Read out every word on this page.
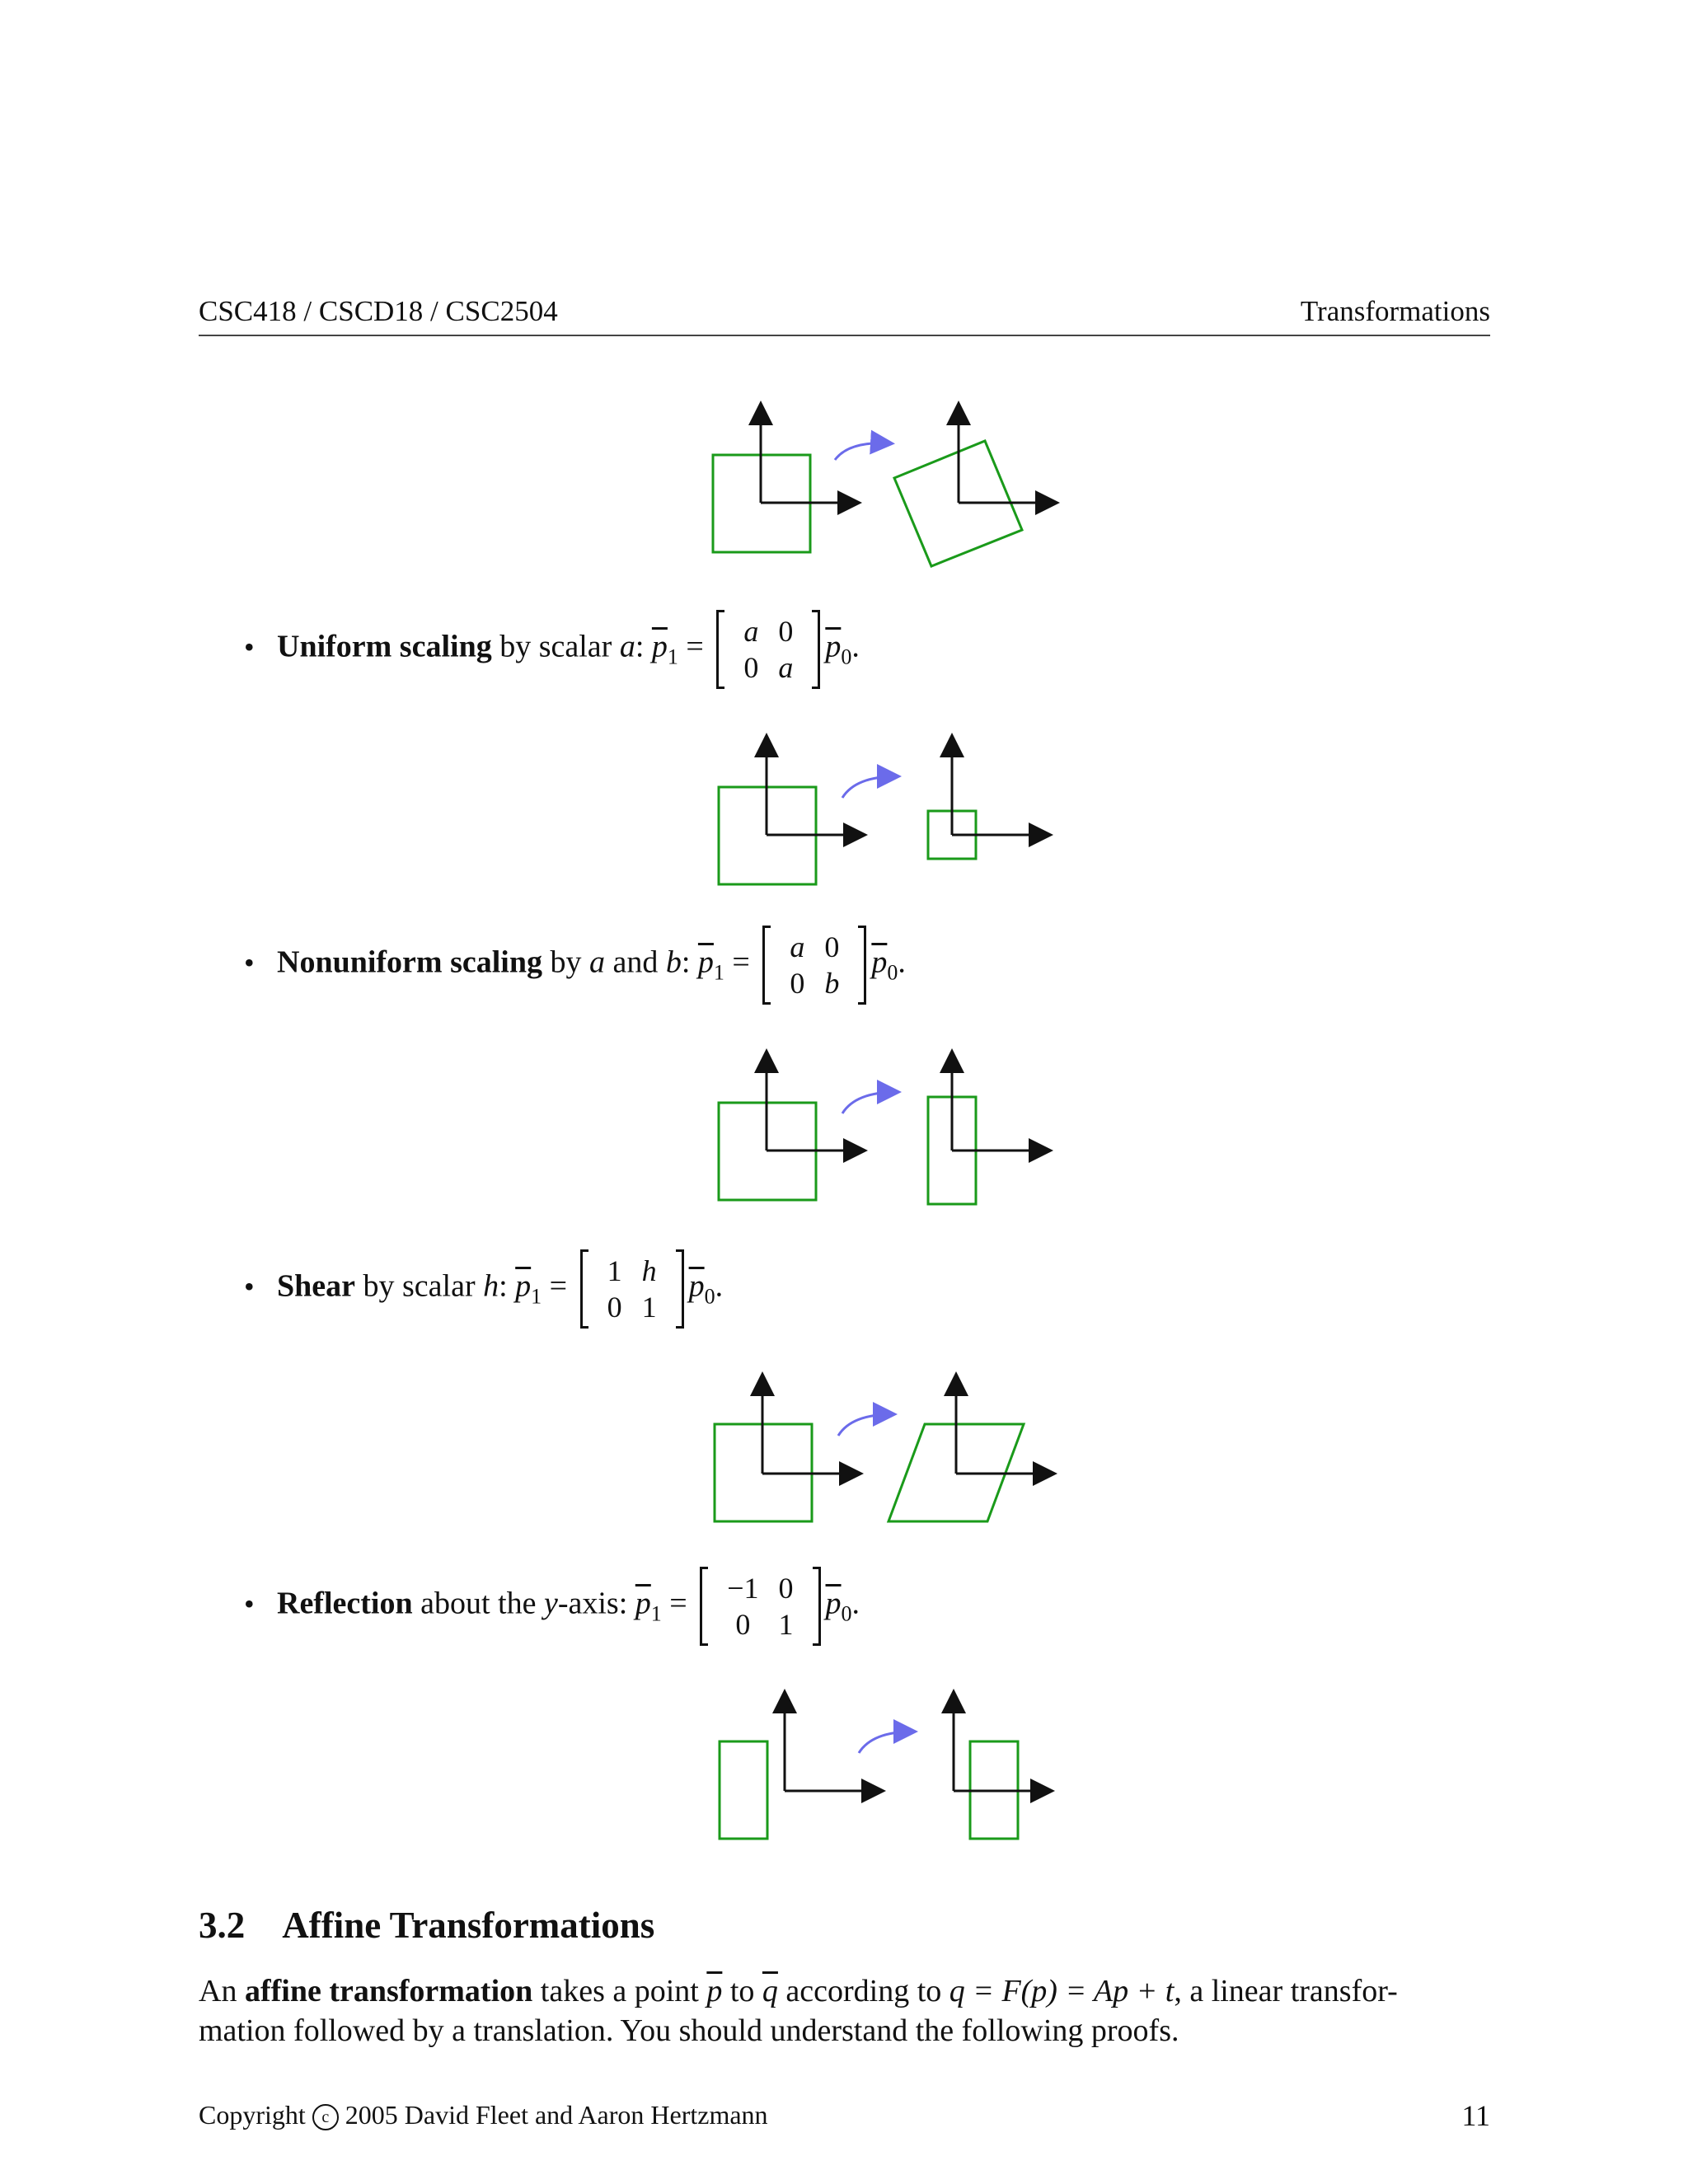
CSC418 / CSCD18 / CSC2504	Transformations
• Uniform scaling by scalar a: $\overline{p}_1 = a$	0
0	a
$\overline{p}_0$.
• Nonuniform scaling by a and b: $\overline{p}_1 = a$	0
0	b
$\overline{p}_0$.
• Shear by scalar h: $\overline{p}_1 = 1$	h
0	1
$\overline{p}_0$.
• Reflection about the y-axis: $\overline{p}_1 = -1$	0
0	1
$\overline{p}_0$.
3.2 Affine Transformations
An affine transformation takes a point $\overline{p}$ to $\overline{q}$ according to q = F(p) = Ap + t, a linear transfor-
mation followed by a translation. You should understand the following proofs.
Copyright c 2005 David Fleet and Aaron Hertzmann	11
